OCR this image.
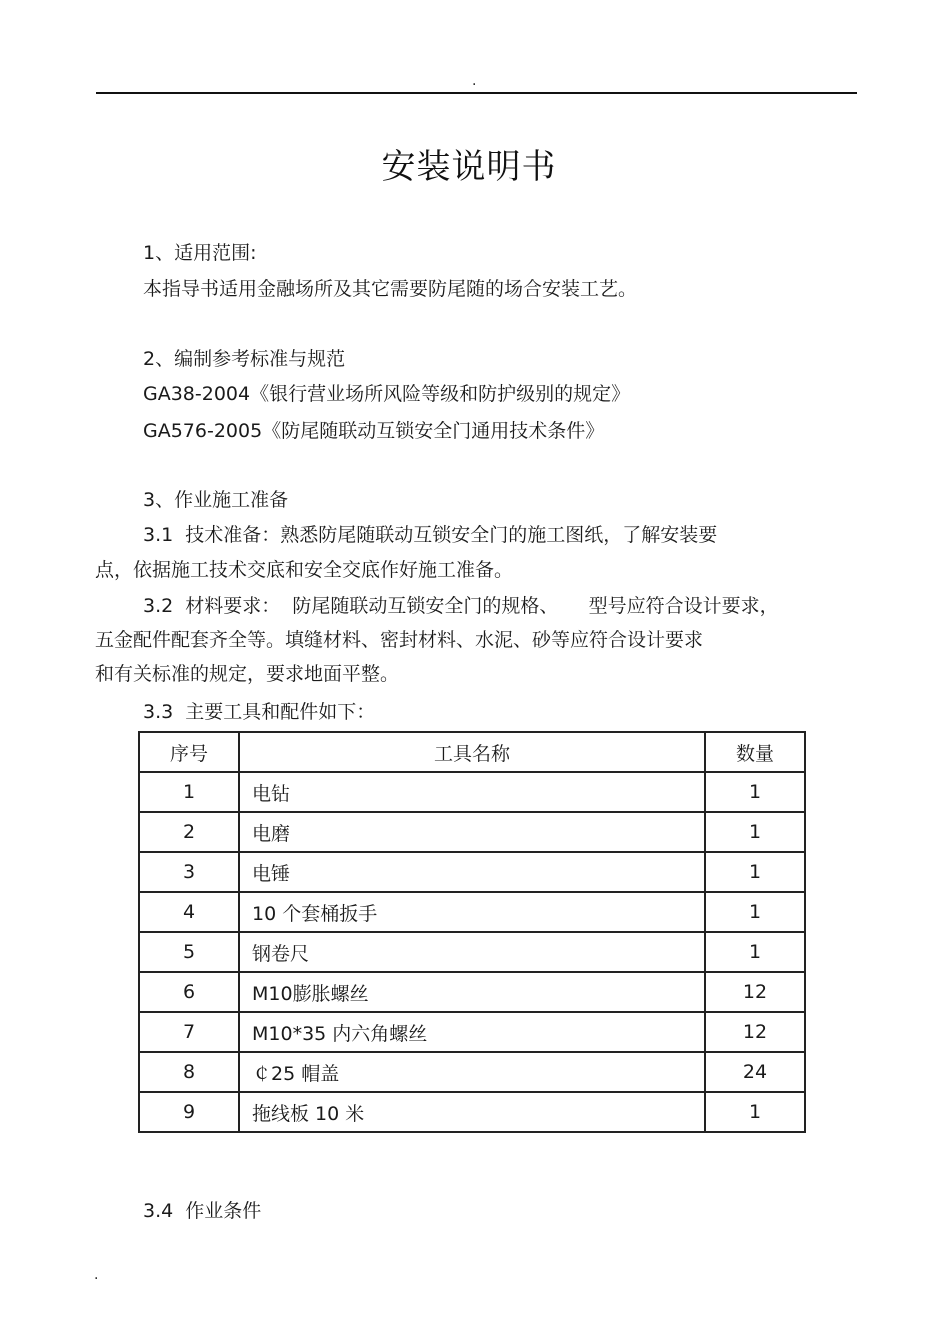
.
安装说明书
1、适用范围:
本指导书适用金融场所及其它需要防尾随的场合安装工艺。
2、编制参考标准与规范
GA38-2004《银行营业场所风险等级和防护级别的规定》
GA576-2005《防尾随联动互锁安全门通用技术条件》
3、作业施工准备
3.1  技术准备：熟悉防尾随联动互锁安全门的施工图纸，了解安装要
点，依据施工技术交底和安全交底作好施工准备。
3.2  材料要求：  防尾随联动互锁安全门的规格、     型号应符合设计要求，
五金配件配套齐全等。填缝材料、密封材料、水泥、砂等应符合设计要求
和有关标准的规定，要求地面平整。
3.3  主要工具和配件如下：
序号	工具名称	数量
1	电钻	1
2	电磨	1
3	电锤	1
4	10 个套桶扳手	1
5	钢卷尺	1
6	M10膨胀螺丝	12
7	M10*35 内六角螺丝	12
8	￠25 帽盖	24
9	拖线板 10 米	1
3.4  作业条件
.
